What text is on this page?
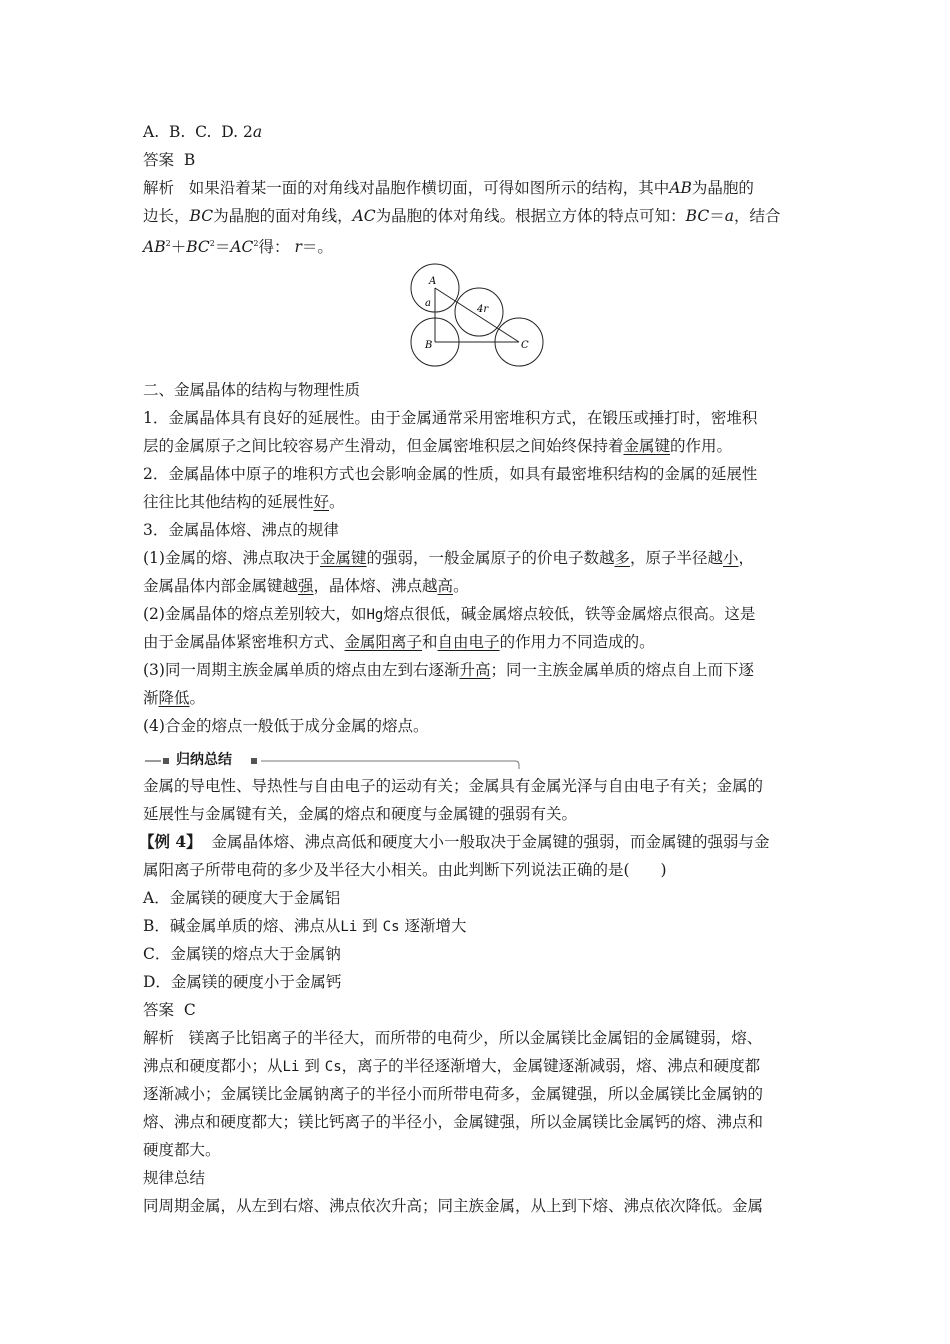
A. B. C. D. 2a
答案 B
解析 如果沿着某一面的对角线对晶胞作横切面，可得如图所示的结构，其中AB为晶胞的
边长，BC为晶胞的面对角线，AC为晶胞的体对角线。根据立方体的特点可知：BC＝a，结合
$AB^2+BC^2=AC^2$得： r＝。
A
a
4r
B	C
二、金属晶体的结构与物理性质
1．金属晶体具有良好的延展性。由于金属通常采用密堆积方式，在锻压或捶打时，密堆积
层的金属原子之间比较容易产生滑动，但金属密堆积层之间始终保持着金属键的作用。
2．金属晶体中原子的堆积方式也会影响金属的性质，如具有最密堆积结构的金属的延展性
往往比其他结构的延展性好。
3．金属晶体熔、沸点的规律
(1)金属的熔、沸点取决于金属键的强弱，一般金属原子的价电子数越多，原子半径越小，
金属晶体内部金属键越强，晶体熔、沸点越高。
(2)金属晶体的熔点差别较大，如Hg熔点很低，碱金属熔点较低，铁等金属熔点很高。这是
由于金属晶体紧密堆积方式、金属阳离子和自由电子的作用力不同造成的。
(3)同一周期主族金属单质的熔点由左到右逐渐升高；同一主族金属单质的熔点自上而下逐
渐降低。
(4)合金的熔点一般低于成分金属的熔点。
归纳总结
金属的导电性、导热性与自由电子的运动有关；金属具有金属光泽与自由电子有关；金属的
延展性与金属键有关，金属的熔点和硬度与金属键的强弱有关。
【例 4】 金属晶体熔、沸点高低和硬度大小一般取决于金属键的强弱，而金属键的强弱与金
属阳离子所带电荷的多少及半径大小相关。由此判断下列说法正确的是(　　)
A．金属镁的硬度大于金属铝
B．碱金属单质的熔、沸点从Li 到 Cs 逐渐增大
C．金属镁的熔点大于金属钠
D．金属镁的硬度小于金属钙
答案 C
解析 镁离子比铝离子的半径大，而所带的电荷少，所以金属镁比金属铝的金属键弱，熔、
沸点和硬度都小；从Li 到 Cs，离子的半径逐渐增大，金属键逐渐减弱，熔、沸点和硬度都
逐渐减小；金属镁比金属钠离子的半径小而所带电荷多，金属键强，所以金属镁比金属钠的
熔、沸点和硬度都大；镁比钙离子的半径小，金属键强，所以金属镁比金属钙的熔、沸点和
硬度都大。
规律总结
同周期金属，从左到右熔、沸点依次升高；同主族金属，从上到下熔、沸点依次降低。金属
